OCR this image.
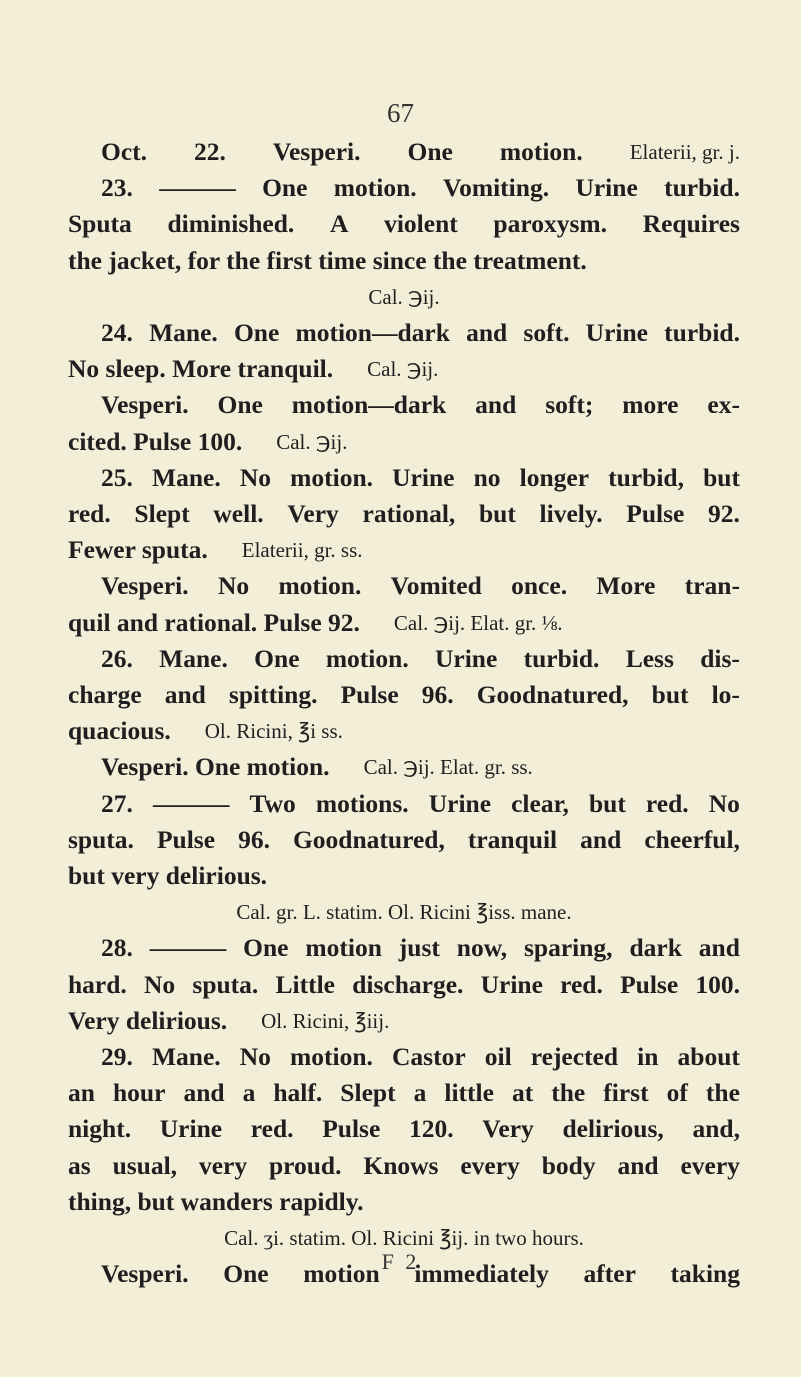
67
Oct. 22. Vesperi. One motion. Elaterii, gr. j.
23. ——— One motion. Vomiting. Urine turbid.
Sputa diminished. A violent paroxysm. Requires
the jacket, for the first time since the treatment.
Cal. ℈ij.
24. Mane. One motion—dark and soft. Urine turbid.
No sleep. More tranquil. Cal. ℈ij.
Vesperi. One motion—dark and soft; more ex-
cited. Pulse 100. Cal. ℈ij.
25. Mane. No motion. Urine no longer turbid, but
red. Slept well. Very rational, but lively. Pulse 92.
Fewer sputa. Elaterii, gr. ss.
Vesperi. No motion. Vomited once. More tran-
quil and rational. Pulse 92. Cal. ℈ij. Elat. gr. ⅛.
26. Mane. One motion. Urine turbid. Less dis-
charge and spitting. Pulse 96. Goodnatured, but lo-
quacious. Ol. Ricini, ℥i ss.
Vesperi. One motion. Cal. ℈ij. Elat. gr. ss.
27. ——— Two motions. Urine clear, but red. No
sputa. Pulse 96. Goodnatured, tranquil and cheerful,
but very delirious.
Cal. gr. L. statim. Ol. Ricini ℥iss. mane.
28. ——— One motion just now, sparing, dark and
hard. No sputa. Little discharge. Urine red. Pulse 100.
Very delirious. Ol. Ricini, ℥iij.
29. Mane. No motion. Castor oil rejected in about
an hour and a half. Slept a little at the first of the
night. Urine red. Pulse 120. Very delirious, and,
as usual, very proud. Knows every body and every
thing, but wanders rapidly.
Cal. ʒi. statim. Ol. Ricini ℥ij. in two hours.
Vesperi. One motion immediately after taking
F 2
